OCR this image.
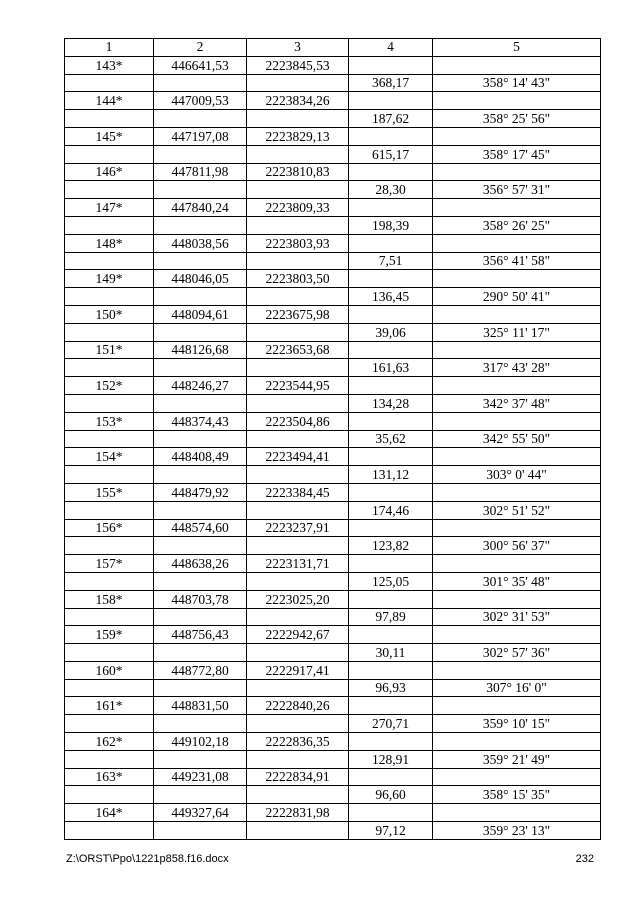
1	2	3	4	5
143*	446641,53	2223845,53		
			368,17	358° 14' 43"
144*	447009,53	2223834,26		
			187,62	358° 25' 56"
145*	447197,08	2223829,13		
			615,17	358° 17' 45"
146*	447811,98	2223810,83		
			28,30	356° 57' 31"
147*	447840,24	2223809,33		
			198,39	358° 26' 25"
148*	448038,56	2223803,93		
			7,51	356° 41' 58"
149*	448046,05	2223803,50		
			136,45	290° 50' 41"
150*	448094,61	2223675,98		
			39,06	325° 11' 17"
151*	448126,68	2223653,68		
			161,63	317° 43' 28"
152*	448246,27	2223544,95		
			134,28	342° 37' 48"
153*	448374,43	2223504,86		
			35,62	342° 55' 50"
154*	448408,49	2223494,41		
			131,12	303° 0' 44"
155*	448479,92	2223384,45		
			174,46	302° 51' 52"
156*	448574,60	2223237,91		
			123,82	300° 56' 37"
157*	448638,26	2223131,71		
			125,05	301° 35' 48"
158*	448703,78	2223025,20		
			97,89	302° 31' 53"
159*	448756,43	2222942,67		
			30,11	302° 57' 36"
160*	448772,80	2222917,41		
			96,93	307° 16' 0"
161*	448831,50	2222840,26		
			270,71	359° 10' 15"
162*	449102,18	2222836,35		
			128,91	359° 21' 49"
163*	449231,08	2222834,91		
			96,60	358° 15' 35"
164*	449327,64	2222831,98		
			97,12	359° 23' 13"
Z:\ORST\Ppo\1221p858.f16.docx	232
